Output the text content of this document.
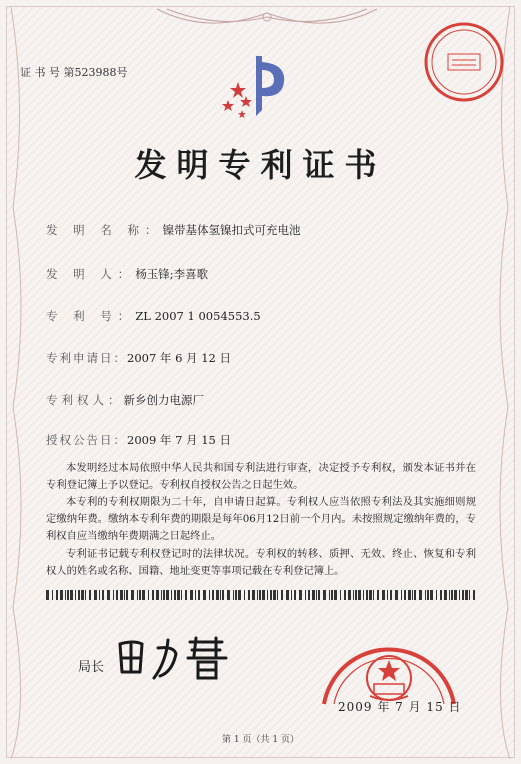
证 书 号 第523988号
发明专利证书
发 明 名 称：镍带基体氢镍扣式可充电池
发 明 人：杨玉锋;李喜歌
专 利 号：ZL 2007 1 0054553.5
专利申请日：2007 年 6 月 12 日
专利权人：新乡创力电源厂
授权公告日：2009 年 7 月 15 日
本发明经过本局依照中华人民共和国专利法进行审查，决定授予专利权，颁发本证书并在专利登记簿上予以登记。专利权自授权公告之日起生效。
本专利的专利权期限为二十年，自申请日起算。专利权人应当依照专利法及其实施细则规定缴纳年费。缴纳本专利年费的期限是每年06月12日前一个月内。未按照规定缴纳年费的，专利权自应当缴纳年费期满之日起终止。
专利证书记载专利权登记时的法律状况。专利权的转移、质押、无效、终止、恢复和专利权人的姓名或名称、国籍、地址变更等事项记载在专利登记簿上。
局长
2009 年 7 月 15 日
第 1 页（共 1 页）
